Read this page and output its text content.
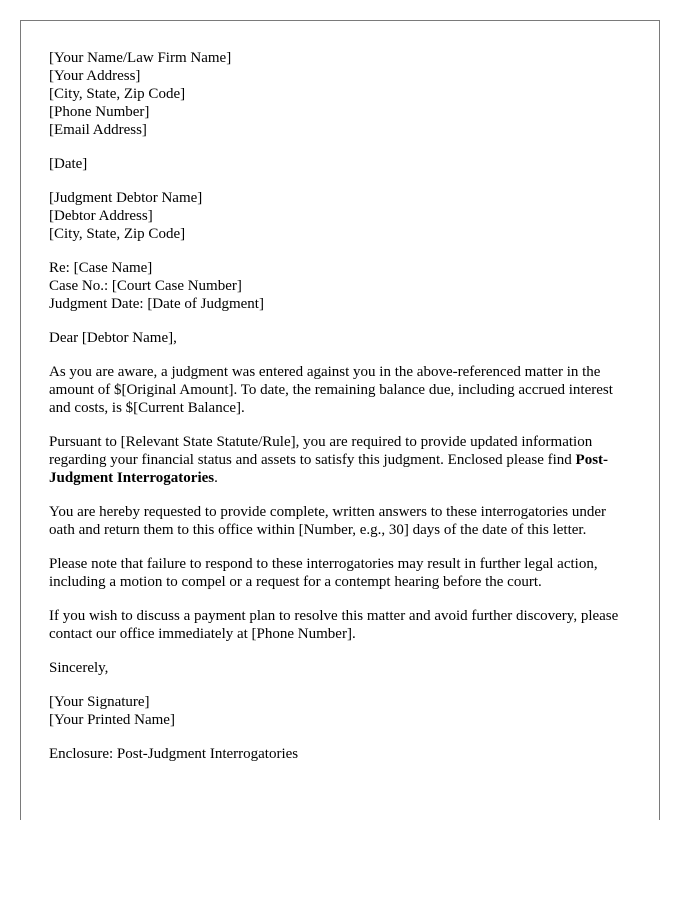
[Your Name/Law Firm Name]
[Your Address]
[City, State, Zip Code]
[Phone Number]
[Email Address]
[Date]
[Judgment Debtor Name]
[Debtor Address]
[City, State, Zip Code]
Re: [Case Name]
Case No.: [Court Case Number]
Judgment Date: [Date of Judgment]

Dear [Debtor Name],

As you are aware, a judgment was entered against you in the above-referenced matter in the amount of $[Original Amount]. To date, the remaining balance due, including accrued interest and costs, is $[Current Balance].

Pursuant to [Relevant State Statute/Rule], you are required to provide updated information regarding your financial status and assets to satisfy this judgment. Enclosed please find Post-Judgment Interrogatories.

You are hereby requested to provide complete, written answers to these interrogatories under oath and return them to this office within [Number, e.g., 30] days of the date of this letter.

Please note that failure to respond to these interrogatories may result in further legal action, including a motion to compel or a request for a contempt hearing before the court.

If you wish to discuss a payment plan to resolve this matter and avoid further discovery, please contact our office immediately at [Phone Number].

Sincerely,

[Your Signature]
[Your Printed Name]
Enclosure: Post-Judgment Interrogatories
